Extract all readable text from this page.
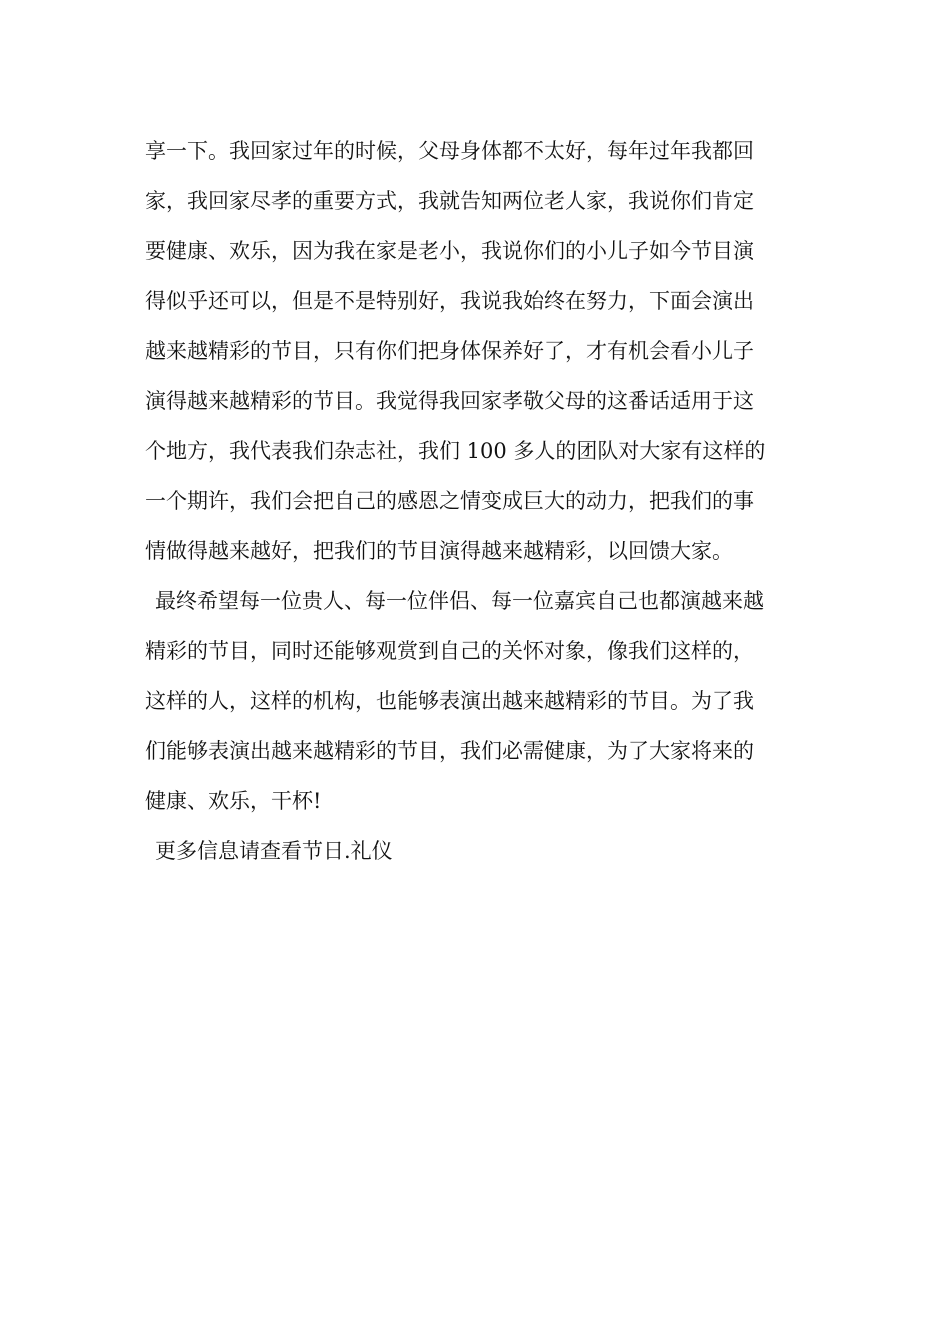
享一下。我回家过年的时候，父母身体都不太好，每年过年我都回
家，我回家尽孝的重要方式，我就告知两位老人家，我说你们肯定
要健康、欢乐，因为我在家是老小，我说你们的小儿子如今节目演
得似乎还可以，但是不是特别好，我说我始终在努力，下面会演出
越来越精彩的节目，只有你们把身体保养好了，才有机会看小儿子
演得越来越精彩的节目。我觉得我回家孝敬父母的这番话适用于这
个地方，我代表我们杂志社，我们 100 多人的团队对大家有这样的
一个期许，我们会把自己的感恩之情变成巨大的动力，把我们的事
情做得越来越好，把我们的节目演得越来越精彩，以回馈大家。
最终希望每一位贵人、每一位伴侣、每一位嘉宾自己也都演越来越
精彩的节目，同时还能够观赏到自己的关怀对象，像我们这样的，
这样的人，这样的机构，也能够表演出越来越精彩的节目。为了我
们能够表演出越来越精彩的节目，我们必需健康，为了大家将来的
健康、欢乐，干杯!
更多信息请查看节日.礼仪
